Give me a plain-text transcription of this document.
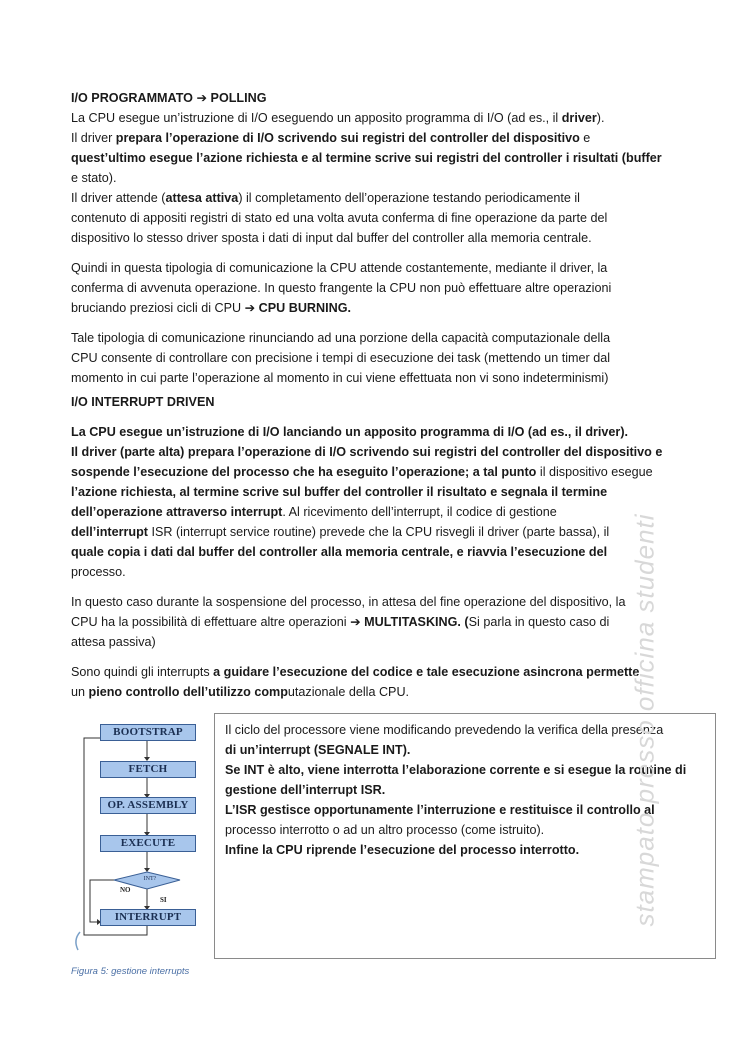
I/O PROGRAMMATO ➔ POLLING
La CPU esegue un’istruzione di I/O eseguendo un apposito programma di I/O (ad es., il driver).
Il driver prepara l’operazione di I/O scrivendo sui registri del controller del dispositivo e
quest’ultimo esegue l’azione richiesta e al termine scrive sui registri del controller i risultati (buffer
e stato).
Il driver attende (attesa attiva) il completamento dell’operazione testando periodicamente il
contenuto di appositi registri di stato ed una volta avuta conferma di fine operazione da parte del
dispositivo lo stesso driver sposta i dati di input dal buffer del controller alla memoria centrale.
Quindi in questa tipologia di comunicazione la CPU attende costantemente, mediante il driver, la
conferma di avvenuta operazione. In questo frangente la CPU non può effettuare altre operazioni
bruciando preziosi cicli di CPU ➔ CPU BURNING.
Tale tipologia di comunicazione rinunciando ad una porzione della capacità computazionale della
CPU consente di controllare con precisione i tempi di esecuzione dei task (mettendo un timer dal
momento in cui parte l’operazione al momento in cui viene effettuata non vi sono indeterminismi)
I/O INTERRUPT DRIVEN
La CPU esegue un’istruzione di I/O lanciando un apposito programma di I/O (ad es., il driver).
Il driver (parte alta) prepara l’operazione di I/O scrivendo sui registri del controller del dispositivo e
sospende l’esecuzione del processo che ha eseguito l’operazione; a tal punto il dispositivo esegue
l’azione richiesta, al termine scrive sul buffer del controller il risultato e segnala il termine
dell’operazione attraverso interrupt. Al ricevimento dell’interrupt, il codice di gestione
dell’interrupt ISR (interrupt service routine) prevede che la CPU risvegli il driver (parte bassa), il
quale copia i dati dal buffer del controller alla memoria centrale, e riavvia l’esecuzione del
processo.
In questo caso durante la sospensione del processo, in attesa del fine operazione del dispositivo, la
CPU ha la possibilità di effettuare altre operazioni ➔ MULTITASKING. (Si parla in questo caso di
attesa passiva)
Sono quindi gli interrupts a guidare l’esecuzione del codice e tale esecuzione asincrona permette
un pieno controllo dell’utilizzo computazionale della CPU.
BOOTSTRAP
FETCH
OP. ASSEMBLY
EXECUTE
INT?
NO
SI
INTERRUPT
Il ciclo del processore viene modificando prevedendo la verifica della presenza
di un’interrupt (SEGNALE INT).
Se INT è alto, viene interrotta l’elaborazione corrente e si esegue la routine di
gestione dell’interrupt ISR.
L’ISR gestisce opportunamente l’interruzione e restituisce il controllo al
processo interrotto o ad un altro processo (come istruito).
Infine la CPU riprende l’esecuzione del processo interrotto.
Figura 5: gestione interrupts
stampato presso officina studenti
